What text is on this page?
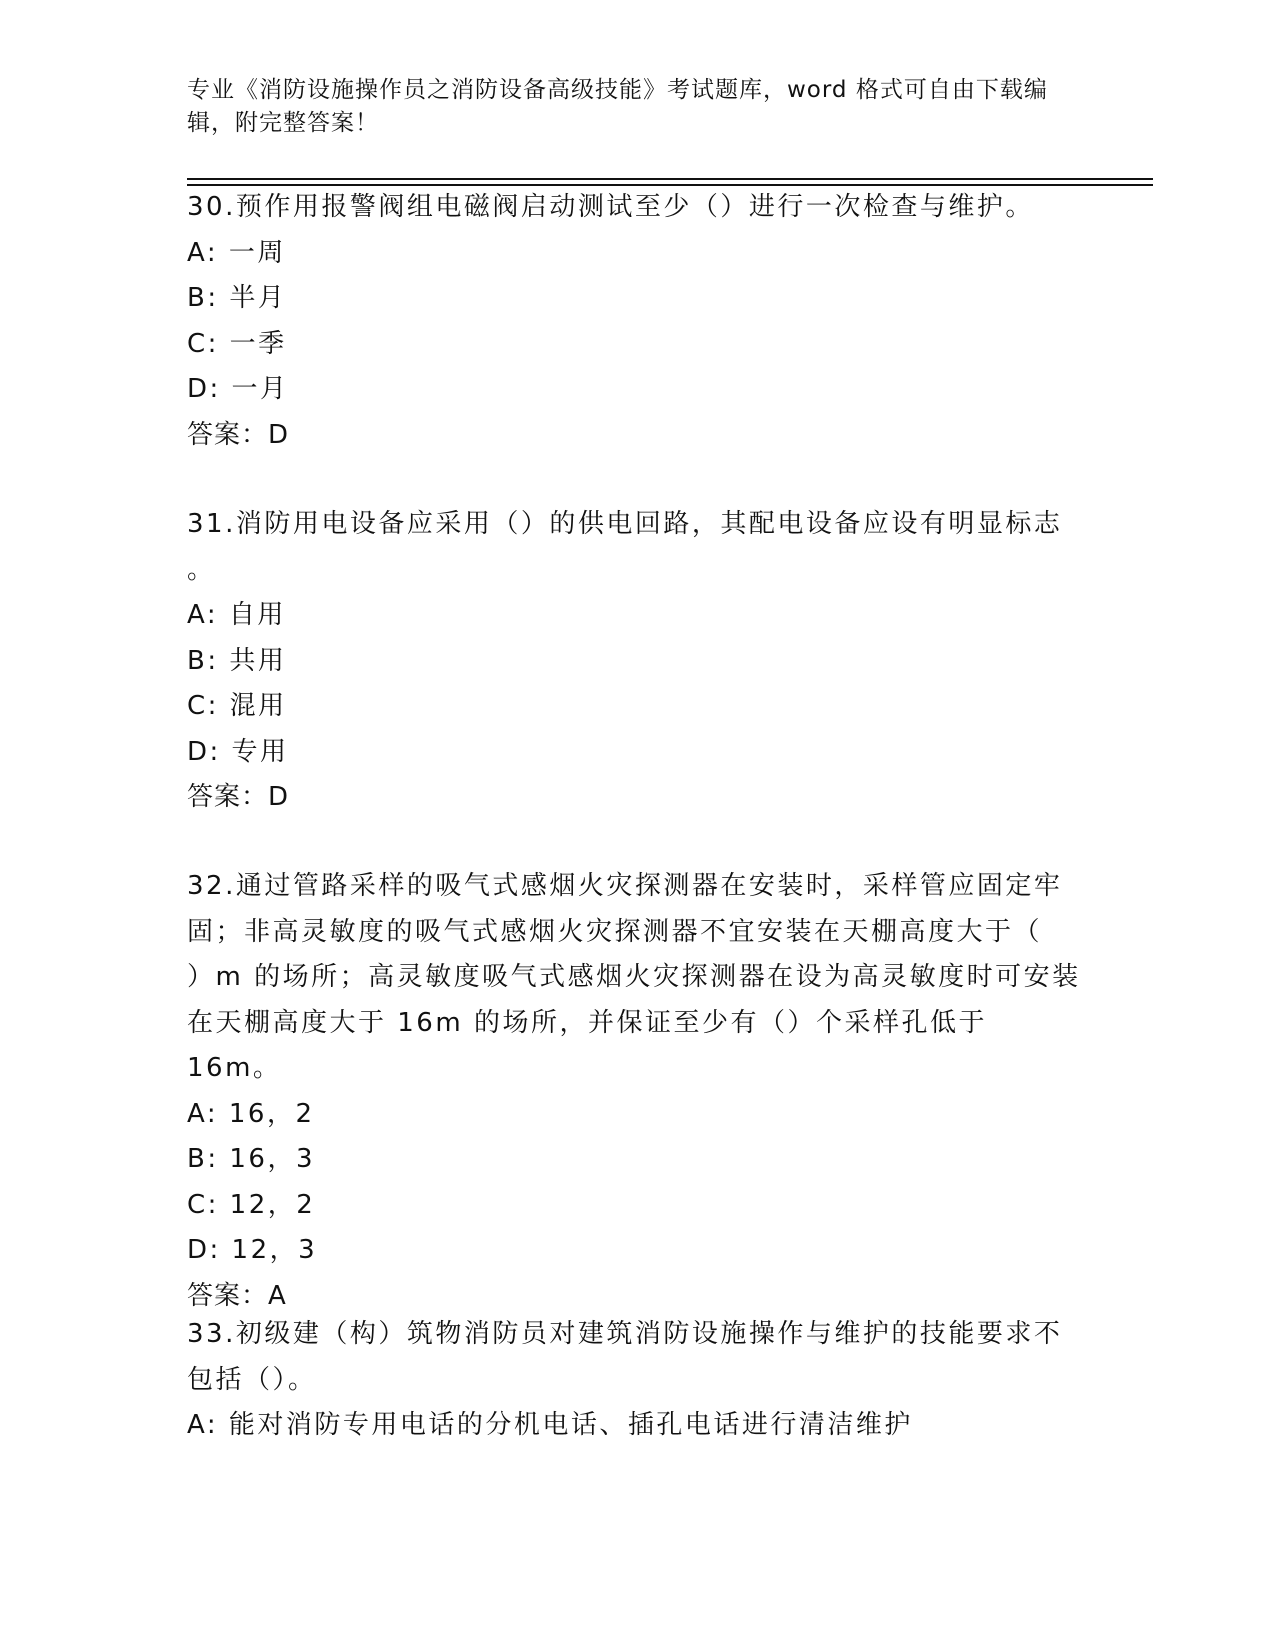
专业《消防设施操作员之消防设备高级技能》考试题库，word 格式可自由下载编
辑，附完整答案！

30.预作用报警阀组电磁阀启动测试至少（）进行一次检查与维护。

A: 一周

B: 半月

C: 一季

D: 一月

答案：D

31.消防用电设备应采用（）的供电回路，其配电设备应设有明显标志

。

A: 自用

B: 共用

C: 混用

D: 专用

答案：D

32.通过管路采样的吸气式感烟火灾探测器在安装时，采样管应固定牢

固；非高灵敏度的吸气式感烟火灾探测器不宜安装在天棚高度大于（

）m 的场所；高灵敏度吸气式感烟火灾探测器在设为高灵敏度时可安装

在天棚高度大于 16m 的场所，并保证至少有（）个采样孔低于 16m。

A: 16，2

B: 16，3

C: 12，2

D: 12，3

答案：A

33.初级建（构）筑物消防员对建筑消防设施操作与维护的技能要求不

包括（）。

A: 能对消防专用电话的分机电话、插孔电话进行清洁维护
